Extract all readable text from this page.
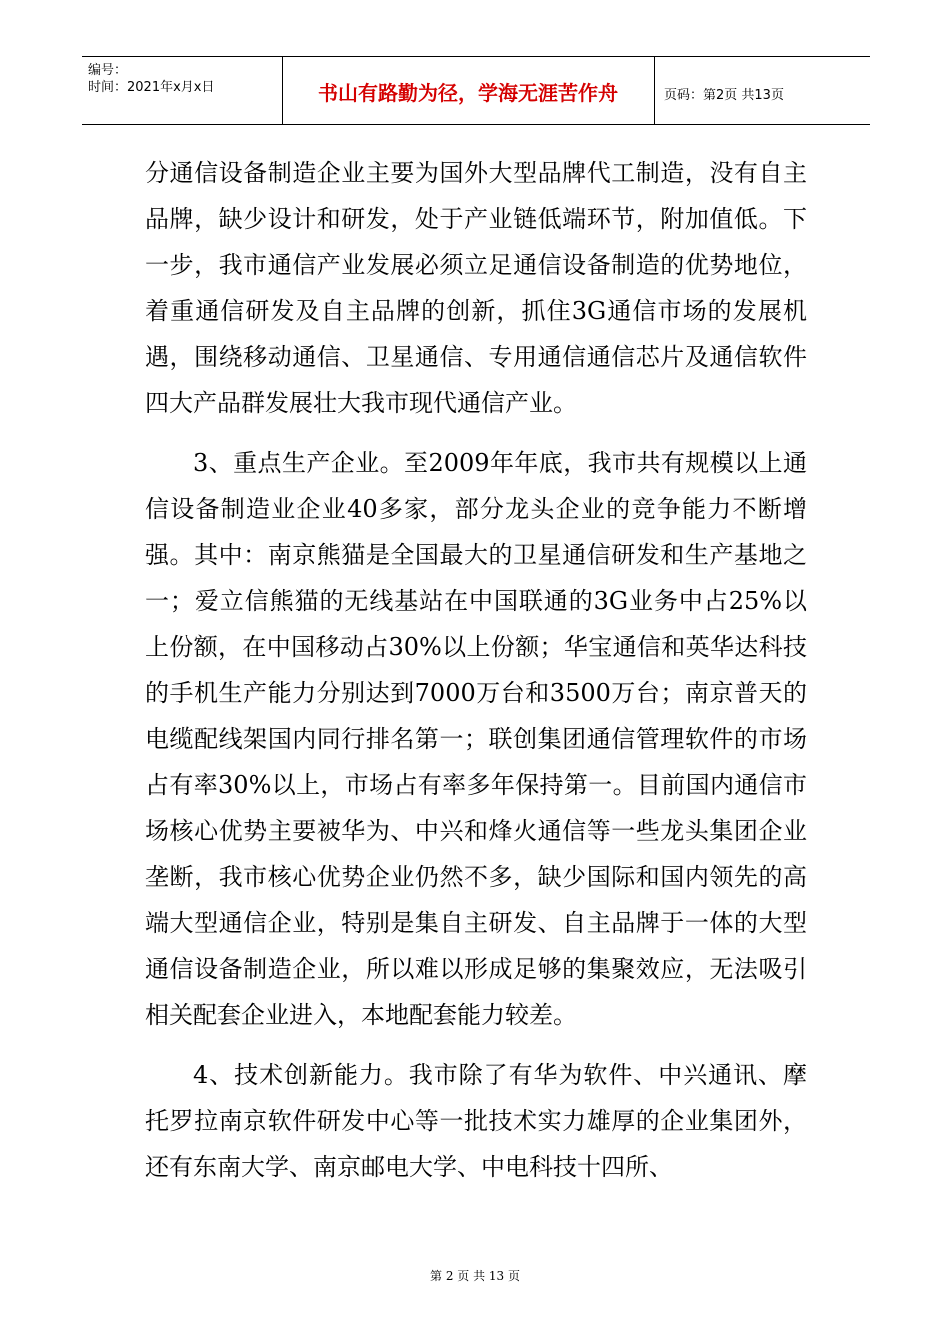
编号：
时间：2021年x月x日	书山有路勤为径，学海无涯苦作舟	页码：第2页 共13页

分通信设备制造企业主要为国外大型品牌代工制造，没有自主品牌，缺少设计和研发，处于产业链低端环节，附加值低。下一步，我市通信产业发展必须立足通信设备制造的优势地位，着重通信研发及自主品牌的创新，抓住3G通信市场的发展机遇，围绕移动通信、卫星通信、专用通信通信芯片及通信软件四大产品群发展壮大我市现代通信产业。

3、重点生产企业。至2009年年底，我市共有规模以上通信设备制造业企业40多家，部分龙头企业的竞争能力不断增强。其中：南京熊猫是全国最大的卫星通信研发和生产基地之一；爱立信熊猫的无线基站在中国联通的3G业务中占25%以上份额，在中国移动占30%以上份额；华宝通信和英华达科技的手机生产能力分别达到7000万台和3500万台；南京普天的电缆配线架国内同行排名第一；联创集团通信管理软件的市场占有率30%以上，市场占有率多年保持第一。目前国内通信市场核心优势主要被华为、中兴和烽火通信等一些龙头集团企业垄断，我市核心优势企业仍然不多，缺少国际和国内领先的高端大型通信企业，特别是集自主研发、自主品牌于一体的大型通信设备制造企业，所以难以形成足够的集聚效应，无法吸引相关配套企业进入，本地配套能力较差。

4、技术创新能力。我市除了有华为软件、中兴通讯、摩托罗拉南京软件研发中心等一批技术实力雄厚的企业集团外，还有东南大学、南京邮电大学、中电科技十四所、

第 2 页 共 13 页
